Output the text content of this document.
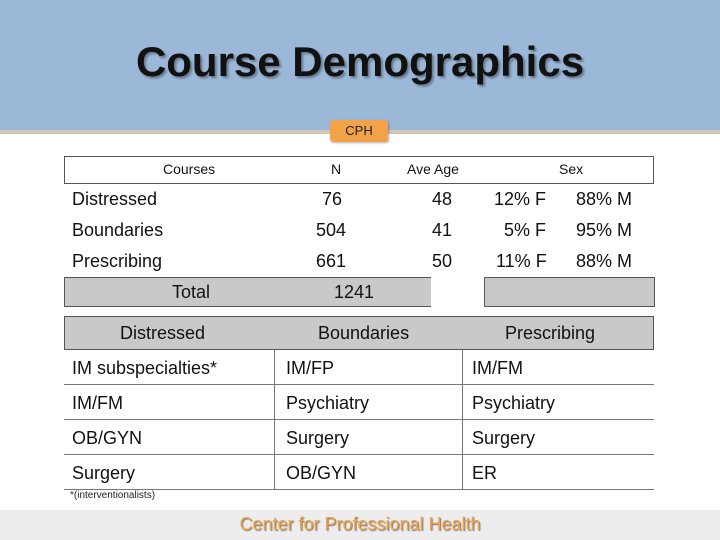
Course Demographics
CPH
Courses	N	Ave Age	Sex
Distressed	76	48 12% F 88% M
Boundaries	504	41	5% F 95% M
Prescribing	661	50 11% F 88% M
Total	1241
Distressed	Boundaries	Prescribing
IM subspecialties*	IM/FP	IM/FM
IM/FM	Psychiatry	Psychiatry
OB/GYN	Surgery	Surgery
Surgery	OB/GYN	ER
*(interventionalists)
Center for Professional Health
